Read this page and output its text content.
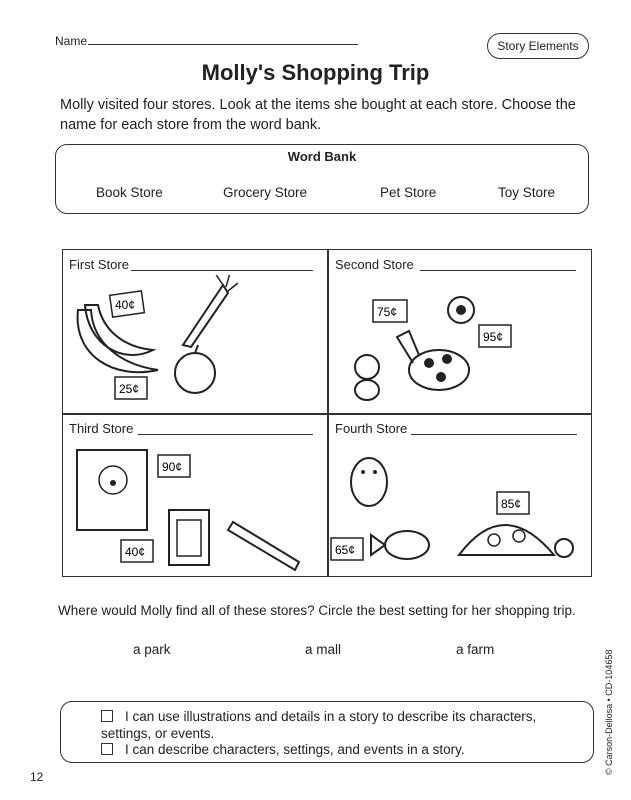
Name	Story Elements
Molly's Shopping Trip
Molly visited four stores. Look at the items she bought at each store. Choose the name for each store from the word bank.
Word Bank
Book Store	Grocery Store	Pet Store	Toy Store
First Store
40¢
25¢
Second Store
75¢
95¢
Third Store
90¢
40¢
Fourth Store
85¢
65¢
Where would Molly find all of these stores? Circle the best setting for her shopping trip.
a park	a mall	a farm
I can use illustrations and details in a story to describe its characters, settings, or events.
I can describe characters, settings, and events in a story.
12
© Carson-Dellosa • CD-104658
